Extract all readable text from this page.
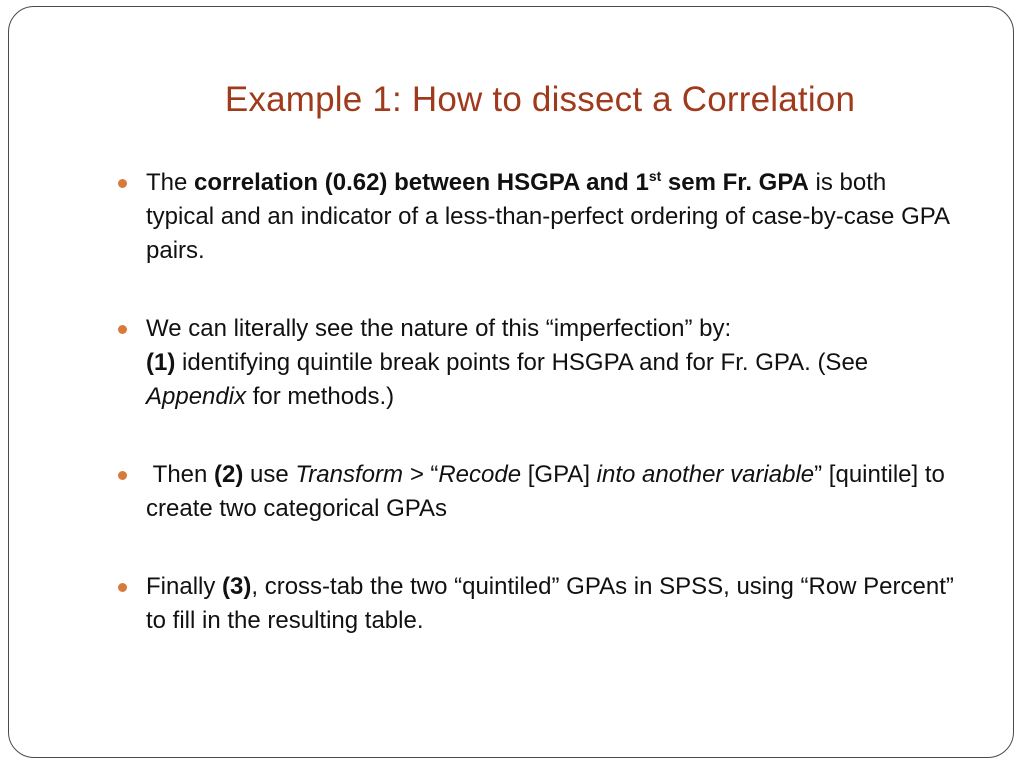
Example 1: How to dissect a Correlation
The correlation (0.62) between HSGPA and 1st sem Fr. GPA is both typical and an indicator of a less-than-perfect ordering of case-by-case GPA pairs.
We can literally see the nature of this “imperfection” by:
(1) identifying quintile break points for HSGPA and for Fr. GPA. (See Appendix for methods.)
Then (2) use Transform > “Recode [GPA] into another variable” [quintile] to create two categorical GPAs
Finally (3), cross-tab the two “quintiled” GPAs in SPSS, using “Row Percent” to fill in the resulting table.
